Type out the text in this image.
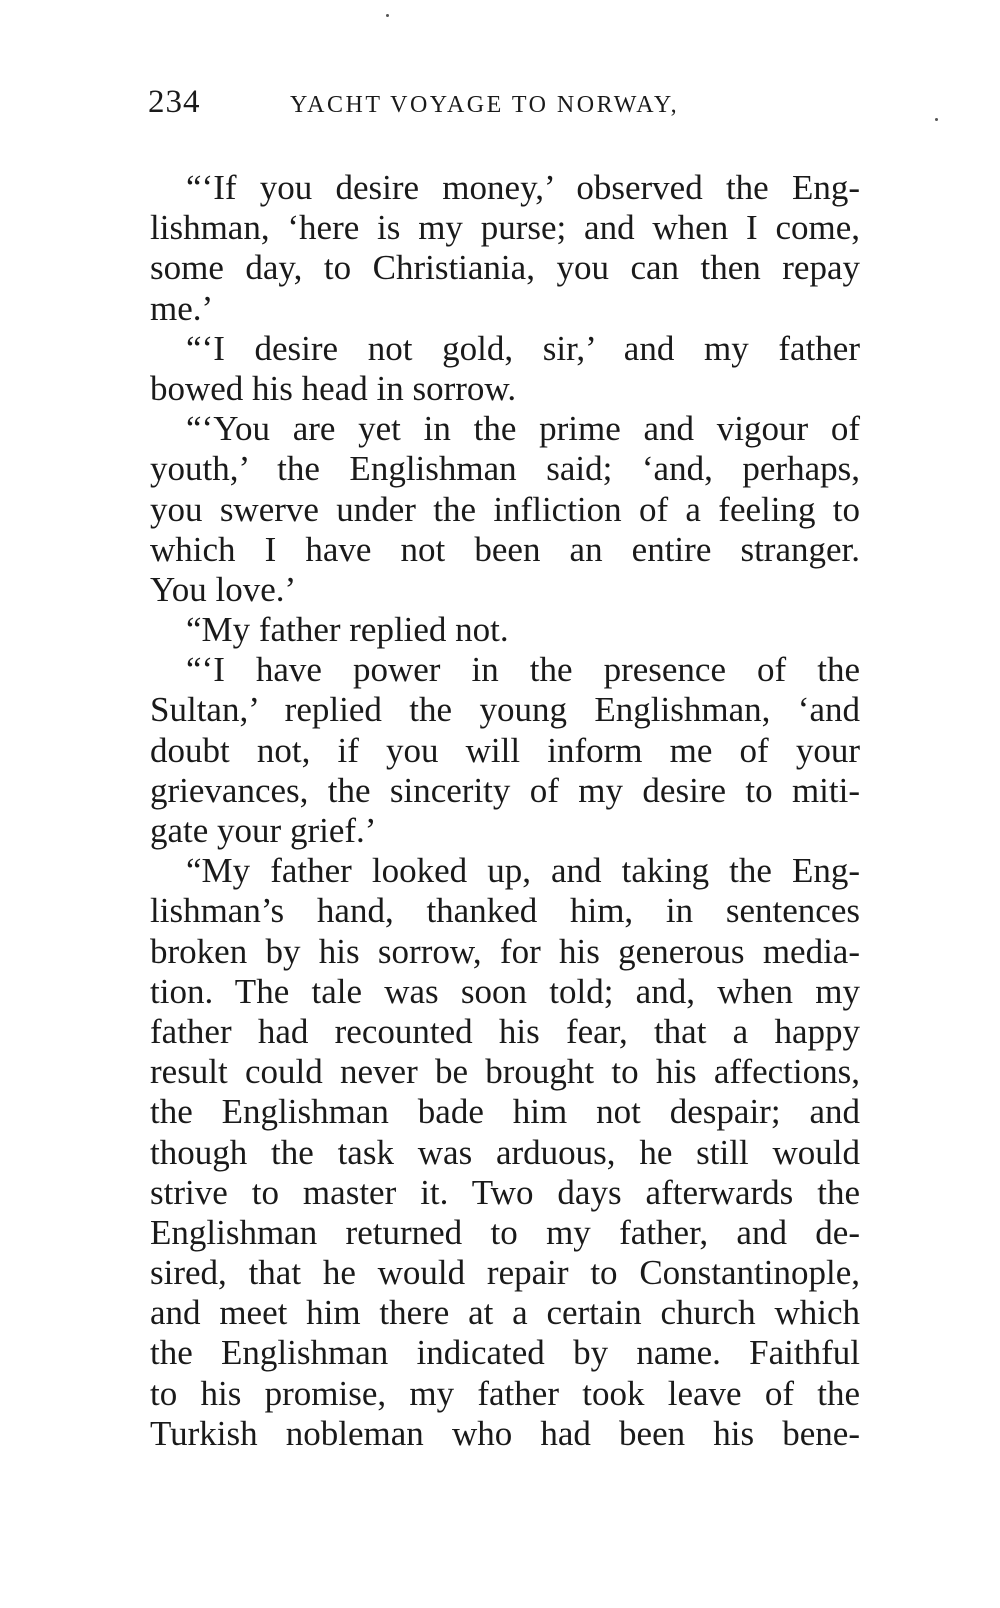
234	YACHT VOYAGE TO NORWAY,
“‘If you desire money,’ observed the Eng-
lishman, ‘here is my purse; and when I come,
some day, to Christiania, you can then repay
me.’
“‘I desire not gold, sir,’ and my father
bowed his head in sorrow.
“‘You are yet in the prime and vigour of
youth,’ the Englishman said; ‘and, perhaps,
you swerve under the infliction of a feeling to
which I have not been an entire stranger.
You love.’
“My father replied not.
“‘I have power in the presence of the
Sultan,’ replied the young Englishman, ‘and
doubt not, if you will inform me of your
grievances, the sincerity of my desire to miti-
gate your grief.’
“My father looked up, and taking the Eng-
lishman’s hand, thanked him, in sentences
broken by his sorrow, for his generous media-
tion. The tale was soon told; and, when my
father had recounted his fear, that a happy
result could never be brought to his affections,
the Englishman bade him not despair; and
though the task was arduous, he still would
strive to master it. Two days afterwards the
Englishman returned to my father, and de-
sired, that he would repair to Constantinople,
and meet him there at a certain church which
the Englishman indicated by name. Faithful
to his promise, my father took leave of the
Turkish nobleman who had been his bene-
